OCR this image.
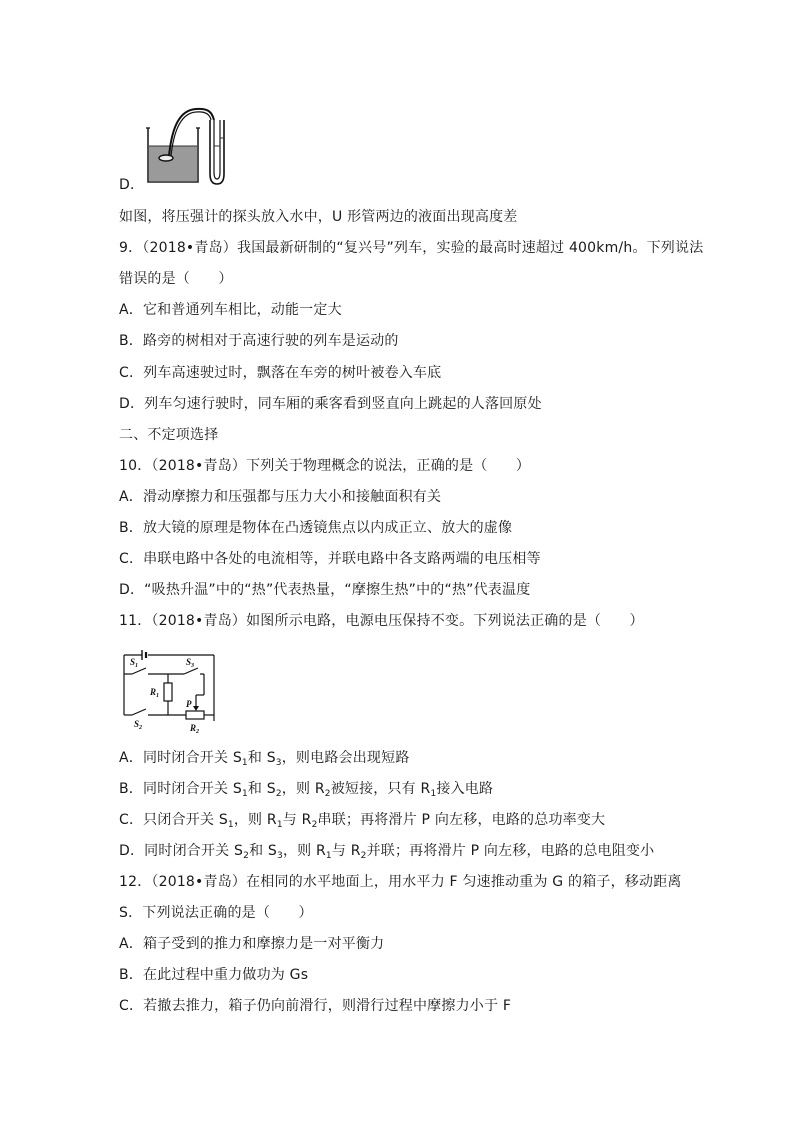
D．
如图，将压强计的探头放入水中，U 形管两边的液面出现高度差
9．（2018•青岛）我国最新研制的“复兴号”列车，实验的最高时速超过 400km/h。下列说法
错误的是（　　）
A．它和普通列车相比，动能一定大
B．路旁的树相对于高速行驶的列车是运动的
C．列车高速驶过时，飘落在车旁的树叶被卷入车底
D．列车匀速行驶时，同车厢的乘客看到竖直向上跳起的人落回原处
二、不定项选择
10．（2018•青岛）下列关于物理概念的说法，正确的是（　　）
A．滑动摩擦力和压强都与压力大小和接触面积有关
B．放大镜的原理是物体在凸透镜焦点以内成正立、放大的虚像
C．串联电路中各处的电流相等，并联电路中各支路两端的电压相等
D．“吸热升温”中的“热”代表热量，“摩擦生热”中的“热”代表温度
11．（2018•青岛）如图所示电路，电源电压保持不变。下列说法正确的是（　　）
$S_1$	$S_3$
$R_1$
$S_2$
P
$R_2$
A．同时闭合开关 $S_1$和 $S_3$，则电路会出现短路
B．同时闭合开关 $S_1$和 $S_2$，则 $R_2$被短接，只有 $R_1$接入电路
C．只闭合开关 $S_1$，则 $R_1$与 $R_2$串联；再将滑片 P 向左移，电路的总功率变大
D．同时闭合开关 $S_2$和 $S_3$，则 $R_1$与 $R_2$并联；再将滑片 P 向左移，电路的总电阻变小
12．（2018•青岛）在相同的水平地面上，用水平力 F 匀速推动重为 G 的箱子，移动距离
S．下列说法正确的是（　　）
A．箱子受到的推力和摩擦力是一对平衡力
B．在此过程中重力做功为 Gs
C．若撤去推力，箱子仍向前滑行，则滑行过程中摩擦力小于 F
